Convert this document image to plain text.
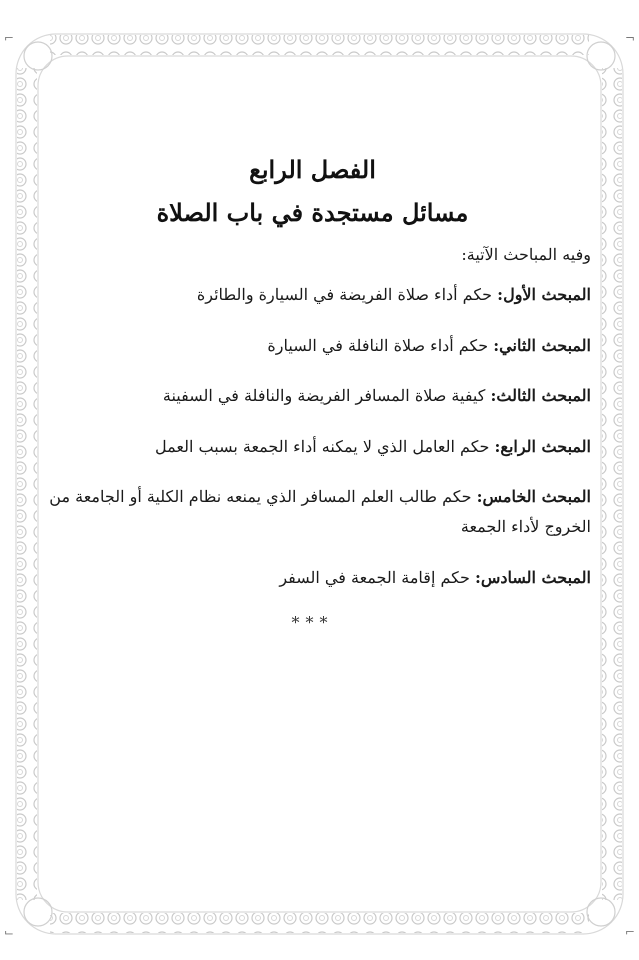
⌐	¬
⌙	⌐
الفصل الرابع
مسائل مستجدة في باب الصلاة
وفيه المباحث الآتية:
المبحث الأول: حكم أداء صلاة الفريضة في السيارة والطائرة
المبحث الثاني: حكم أداء صلاة النافلة في السيارة
المبحث الثالث: كيفية صلاة المسافر الفريضة والنافلة في السفينة
المبحث الرابع: حكم العامل الذي لا يمكنه أداء الجمعة بسبب العمل
المبحث الخامس: حكم طالب العلم المسافر الذي يمنعه نظام الكلية أو الجامعة من الخروج لأداء الجمعة
المبحث السادس: حكم إقامة الجمعة في السفر
***
